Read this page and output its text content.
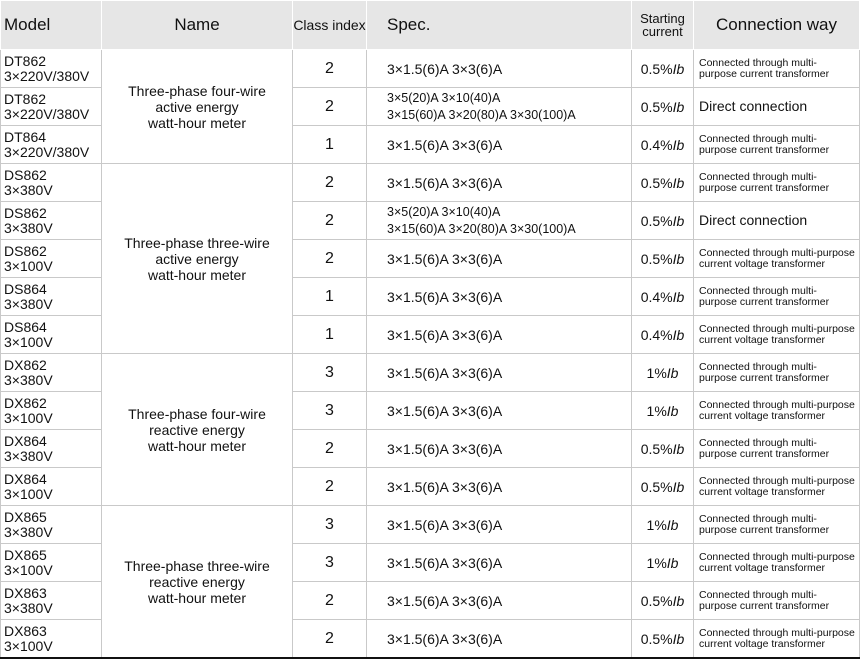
Model	Name	Class index	Spec.	Starting
current	Connection way

DT862
3×220V/380V	Three-phase four-wire
active energy
watt-hour meter	2	3×1.5(6)A 3×3(6)A	0.5%Ib	Connected through multi-
purpose current transformer

DT862
3×220V/380V		2	3×5(20)A 3×10(40)A
3×15(60)A 3×20(80)A 3×30(100)A	0.5%Ib	Direct connection

DT864
3×220V/380V		1	3×1.5(6)A 3×3(6)A	0.4%Ib	Connected through multi-
purpose current transformer

DS862
3×380V	Three-phase three-wire
active energy
watt-hour meter	2	3×1.5(6)A 3×3(6)A	0.5%Ib	Connected through multi-
purpose current transformer

DS862
3×380V		2	3×5(20)A 3×10(40)A
3×15(60)A 3×20(80)A 3×30(100)A	0.5%Ib	Direct connection

DS862
3×100V		2	3×1.5(6)A 3×3(6)A	0.5%Ib	Connected through multi-purpose
current voltage transformer

DS864
3×380V		1	3×1.5(6)A 3×3(6)A	0.4%Ib	Connected through multi-
purpose current transformer

DS864
3×100V		1	3×1.5(6)A 3×3(6)A	0.4%Ib	Connected through multi-purpose
current voltage transformer

DX862
3×380V	Three-phase four-wire
reactive energy
watt-hour meter	3	3×1.5(6)A 3×3(6)A	1%Ib	Connected through multi-
purpose current transformer

DX862
3×100V		3	3×1.5(6)A 3×3(6)A	1%Ib	Connected through multi-purpose
current voltage transformer

DX864
3×380V		2	3×1.5(6)A 3×3(6)A	0.5%Ib	Connected through multi-
purpose current transformer

DX864
3×100V		2	3×1.5(6)A 3×3(6)A	0.5%Ib	Connected through multi-purpose
current voltage transformer

DX865
3×380V	Three-phase three-wire
reactive energy
watt-hour meter	3	3×1.5(6)A 3×3(6)A	1%Ib	Connected through multi-
purpose current transformer

DX865
3×100V		3	3×1.5(6)A 3×3(6)A	1%Ib	Connected through multi-purpose
current voltage transformer

DX863
3×380V		2	3×1.5(6)A 3×3(6)A	0.5%Ib	Connected through multi-
purpose current transformer

DX863
3×100V		2	3×1.5(6)A 3×3(6)A	0.5%Ib	Connected through multi-purpose
current voltage transformer
